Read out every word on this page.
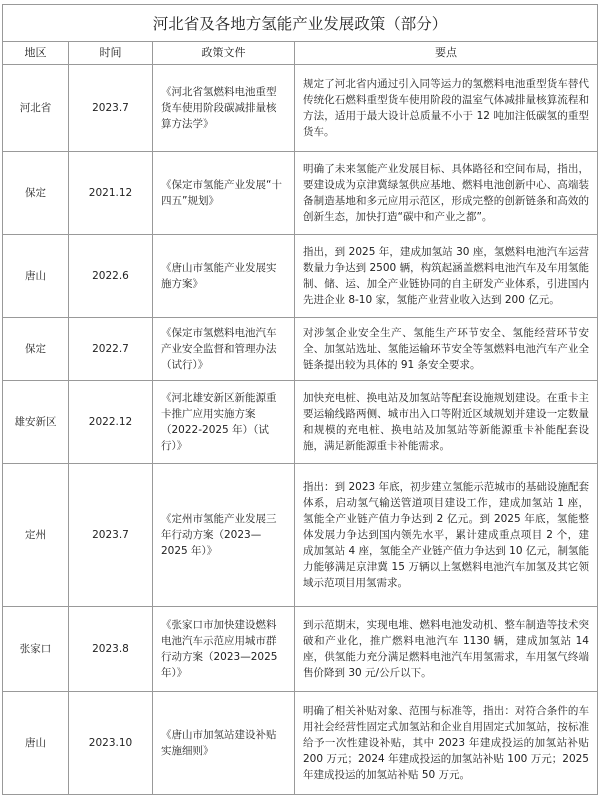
河北省及各地方氢能产业发展政策（部分）
地区	时间	政策文件	要点
河北省	2023.7	《河北省氢燃料电池重型货车使用阶段碳减排量核算方法学》	规定了河北省内通过引入同等运力的氢燃料电池重型货车替代传统化石燃料重型货车使用阶段的温室气体减排量核算流程和方法，适用于最大设计总质量不小于 12 吨加注低碳氢的重型货车。
保定	2021.12	《保定市氢能产业发展“十四五”规划》	明确了未来氢能产业发展目标、具体路径和空间布局，指出，要建设成为京津冀绿氢供应基地、燃料电池创新中心、高端装备制造基地和多元应用示范区，形成完整的创新链条和高效的创新生态，加快打造“碳中和产业之都”。
唐山	2022.6	《唐山市氢能产业发展实施方案》	指出，到 2025 年，建成加氢站 30 座，氢燃料电池汽车运营数量力争达到 2500 辆，构筑起涵盖燃料电池汽车及车用氢能制、储、运、加全产业链协同的自主研发产业体系，引进国内先进企业 8-10 家，氢能产业营业收入达到 200 亿元。
保定	2022.7	《保定市氢燃料电池汽车产业安全监督和管理办法（试行）》	对涉氢企业安全生产、氢能生产环节安全、氢能经营环节安全、加氢站选址、氢能运输环节安全等氢燃料电池汽车产业全链条提出较为具体的 91 条安全要求。
雄安新区	2022.12	《河北雄安新区新能源重卡推广应用实施方案（2022-2025 年）（试行）》	加快充电桩、换电站及加氢站等配套设施规划建设。在重卡主要运输线路两侧、城市出入口等附近区域规划并建设一定数量和规模的充电桩、换电站及加氢站等新能源重卡补能配套设施，满足新能源重卡补能需求。
定州	2023.7	《定州市氢能产业发展三年行动方案（2023—2025 年）》	指出：到 2023 年底，初步建立氢能示范城市的基础设施配套体系，启动氢气输送管道项目建设工作，建成加氢站 1 座，氢能全产业链产值力争达到 2 亿元。到 2025 年底，氢能整体发展力争达到国内领先水平，累计建成重点项目 2 个，建成加氢站 4 座，氢能全产业链产值力争达到 10 亿元，制氢能力能够满足京津冀 15 万辆以上氢燃料电池汽车加氢及其它领域示范项目用氢需求。
张家口	2023.8	《张家口市加快建设燃料电池汽车示范应用城市群行动方案（2023—2025 年）》	到示范期末，实现电堆、燃料电池发动机、整车制造等技术突破和产业化，推广燃料电池汽车 1130 辆，建成加氢站 14 座，供氢能力充分满足燃料电池汽车用氢需求，车用氢气终端售价降到 30 元/公斤以下。
唐山	2023.10	《唐山市加氢站建设补贴实施细则》	明确了相关补贴对象、范围与标准等，指出：对符合条件的车用社会经营性固定式加氢站和企业自用固定式加氢站，按标准给予一次性建设补贴，其中 2023 年建成投运的加氢站补贴 200 万元；2024 年建成投运的加氢站补贴 100 万元；2025 年建成投运的加氢站补贴 50 万元。
